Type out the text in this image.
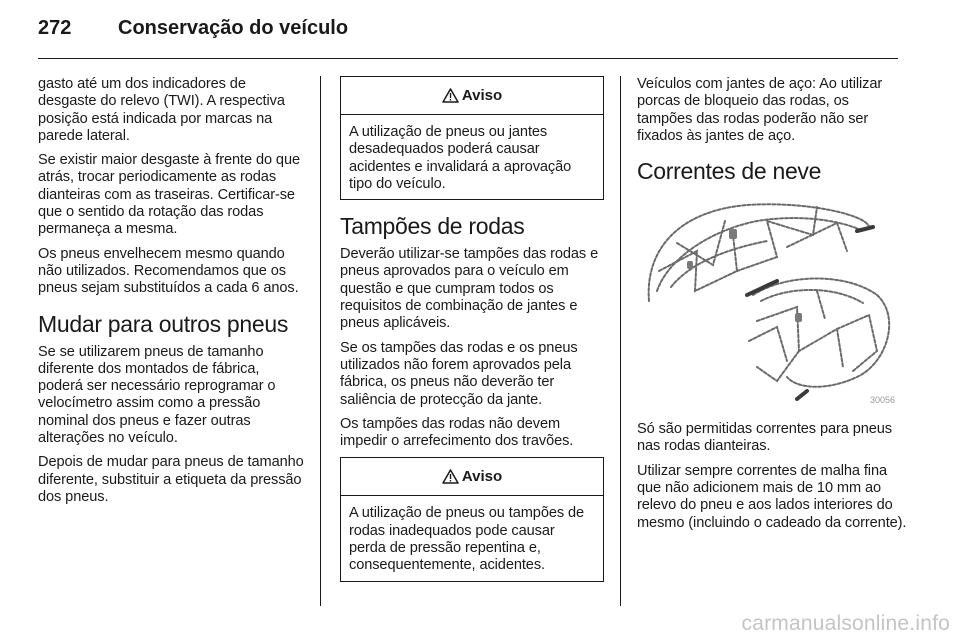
272	Conservação do veículo

gasto até um dos indicadores de desgaste do relevo (TWI). A respectiva posição está indicada por marcas na parede lateral.

Se existir maior desgaste à frente do que atrás, trocar periodicamente as rodas dianteiras com as traseiras. Certificar-se que o sentido da rotação das rodas permaneça a mesma.

Os pneus envelhecem mesmo quando não utilizados. Recomendamos que os pneus sejam substituídos a cada 6 anos.

Mudar para outros pneus

Se se utilizarem pneus de tamanho diferente dos montados de fábrica, poderá ser necessário reprogramar o velocímetro assim como a pressão nominal dos pneus e fazer outras alterações no veículo.

Depois de mudar para pneus de tamanho diferente, substituir a etiqueta da pressão dos pneus.

Aviso

A utilização de pneus ou jantes desadequados poderá causar acidentes e invalidará a aprovação tipo do veículo.

Tampões de rodas

Deverão utilizar-se tampões das rodas e pneus aprovados para o veículo em questão e que cumpram todos os requisitos de combinação de jantes e pneus aplicáveis.

Se os tampões das rodas e os pneus utilizados não forem aprovados pela fábrica, os pneus não deverão ter saliência de protecção da jante.

Os tampões das rodas não devem impedir o arrefecimento dos travões.

Aviso

A utilização de pneus ou tampões de rodas inadequados pode causar perda de pressão repentina e, consequentemente, acidentes.

Veículos com jantes de aço: Ao utilizar porcas de bloqueio das rodas, os tampões das rodas poderão não ser fixados às jantes de aço.

Correntes de neve
30056

Só são permitidas correntes para pneus nas rodas dianteiras.

Utilizar sempre correntes de malha fina que não adicionem mais de 10 mm ao relevo do pneu e aos lados interiores do mesmo (incluindo o cadeado da corrente).

carmanualsonline.info
